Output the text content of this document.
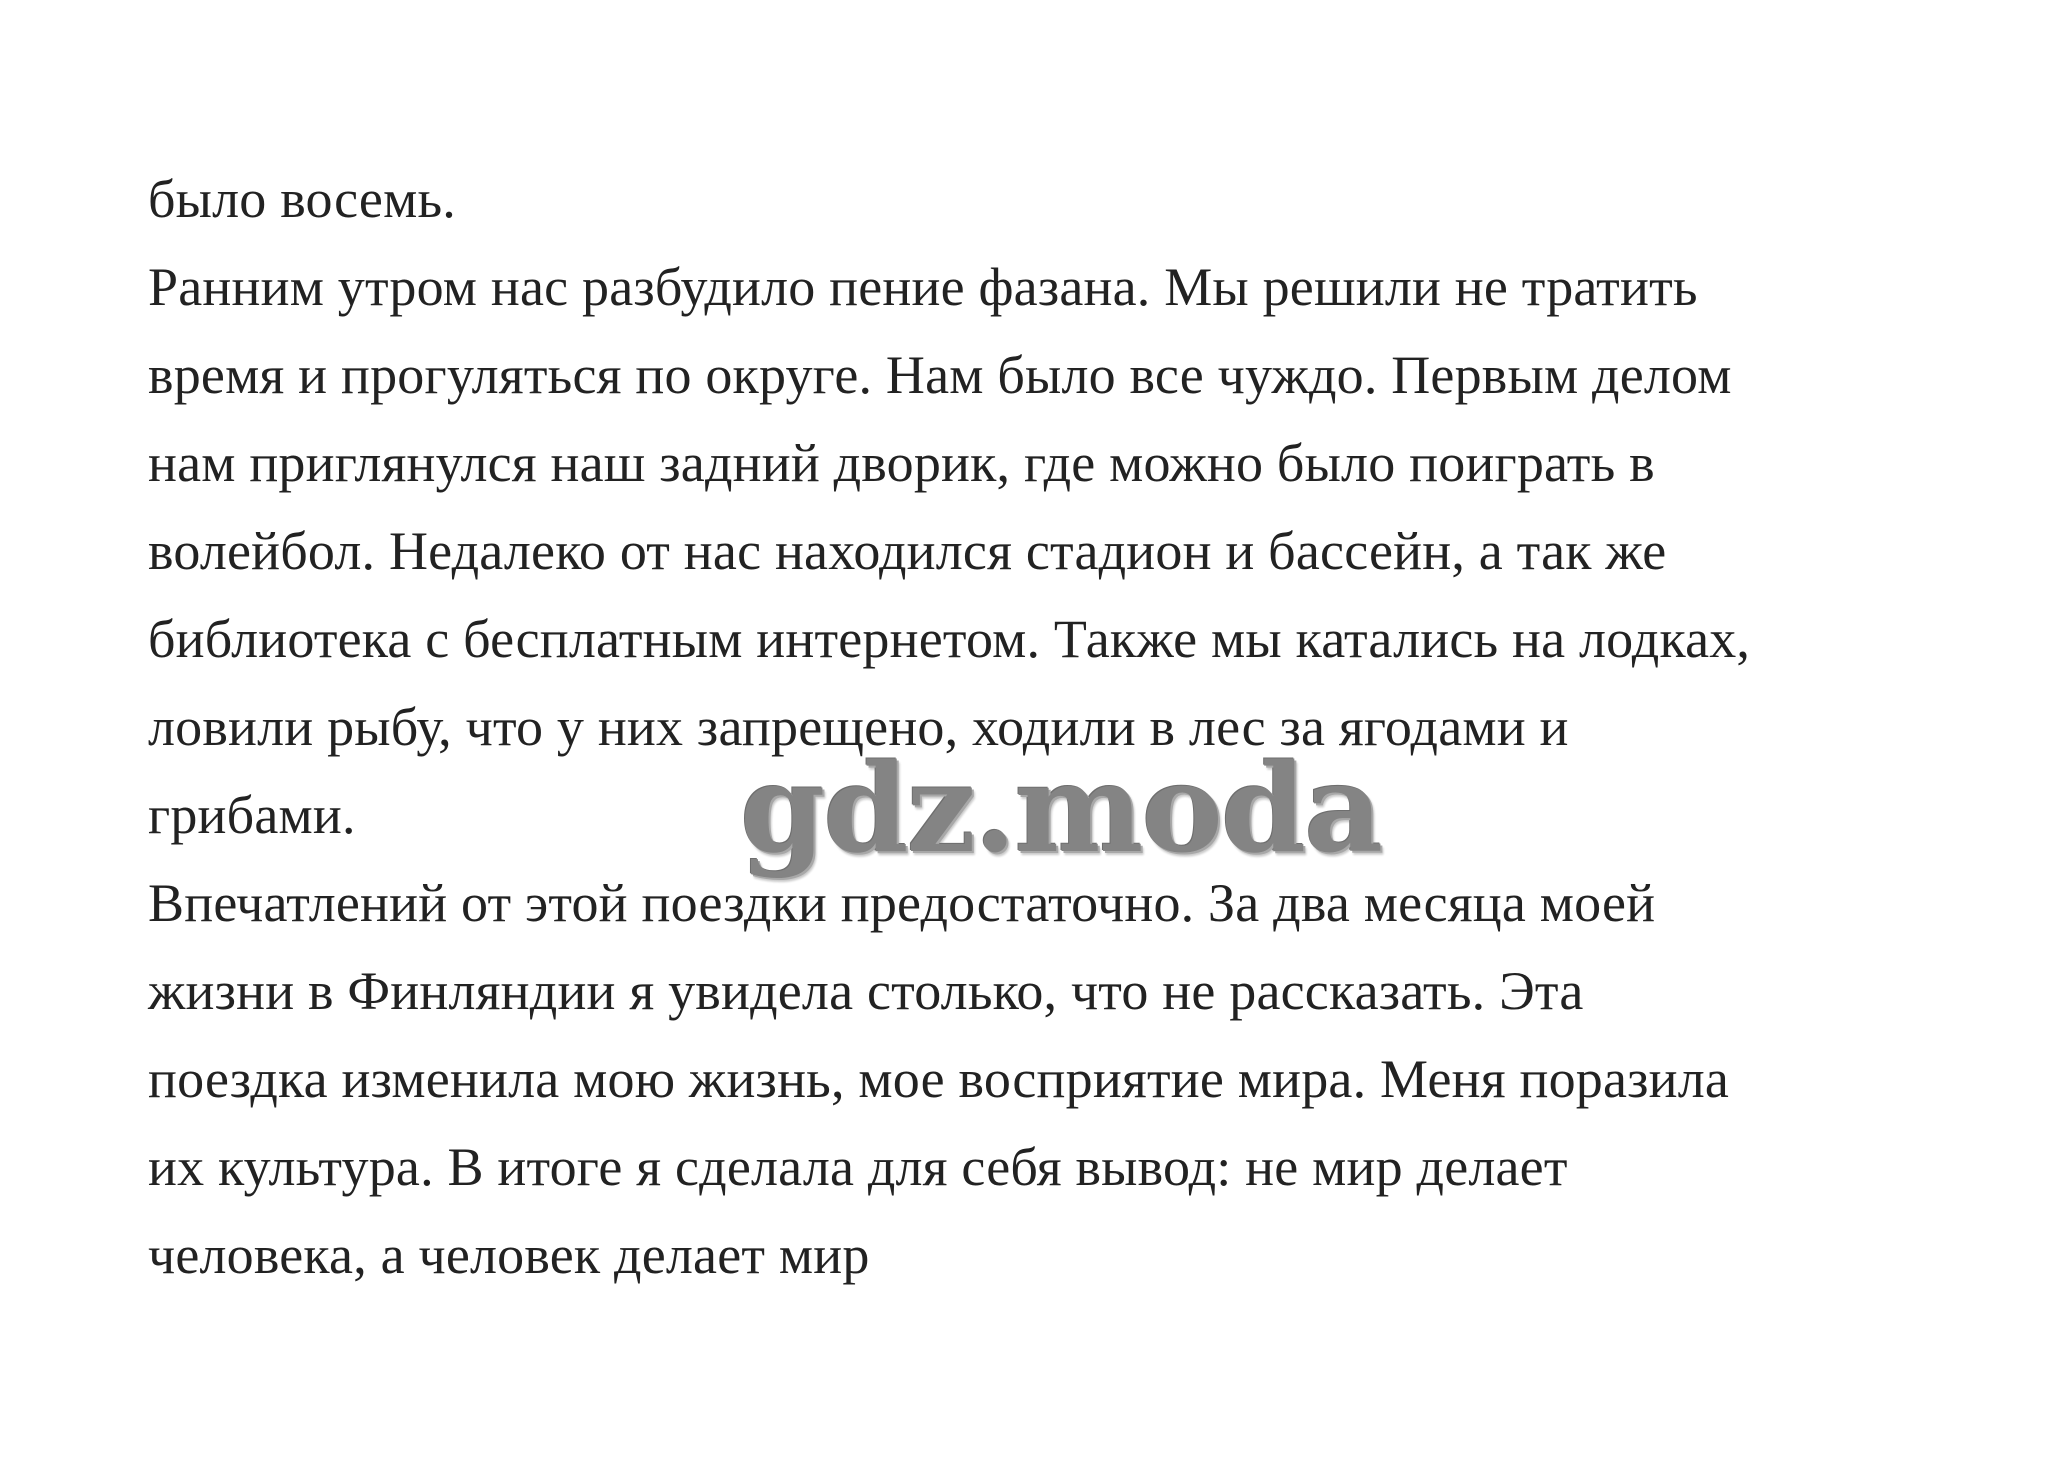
было восемь.
Ранним утром нас разбудило пение фазана. Мы решили не тратить
время и прогуляться по округе. Нам было все чуждо. Первым делом
нам приглянулся наш задний дворик, где можно было поиграть в
волейбол. Недалеко от нас находился стадион и бассейн, а так же
библиотека с бесплатным интернетом. Также мы катались на лодках,
ловили рыбу, что у них запрещено, ходили в лес за ягодами и
грибами.
Впечатлений от этой поездки предостаточно. За два месяца моей
жизни в Финляндии я увидела столько, что не рассказать. Эта
поездка изменила мою жизнь, мое восприятие мира. Меня поразила
их культура. В итоге я сделала для себя вывод: не мир делает
человека, а человек делает мир
gdz.moda
